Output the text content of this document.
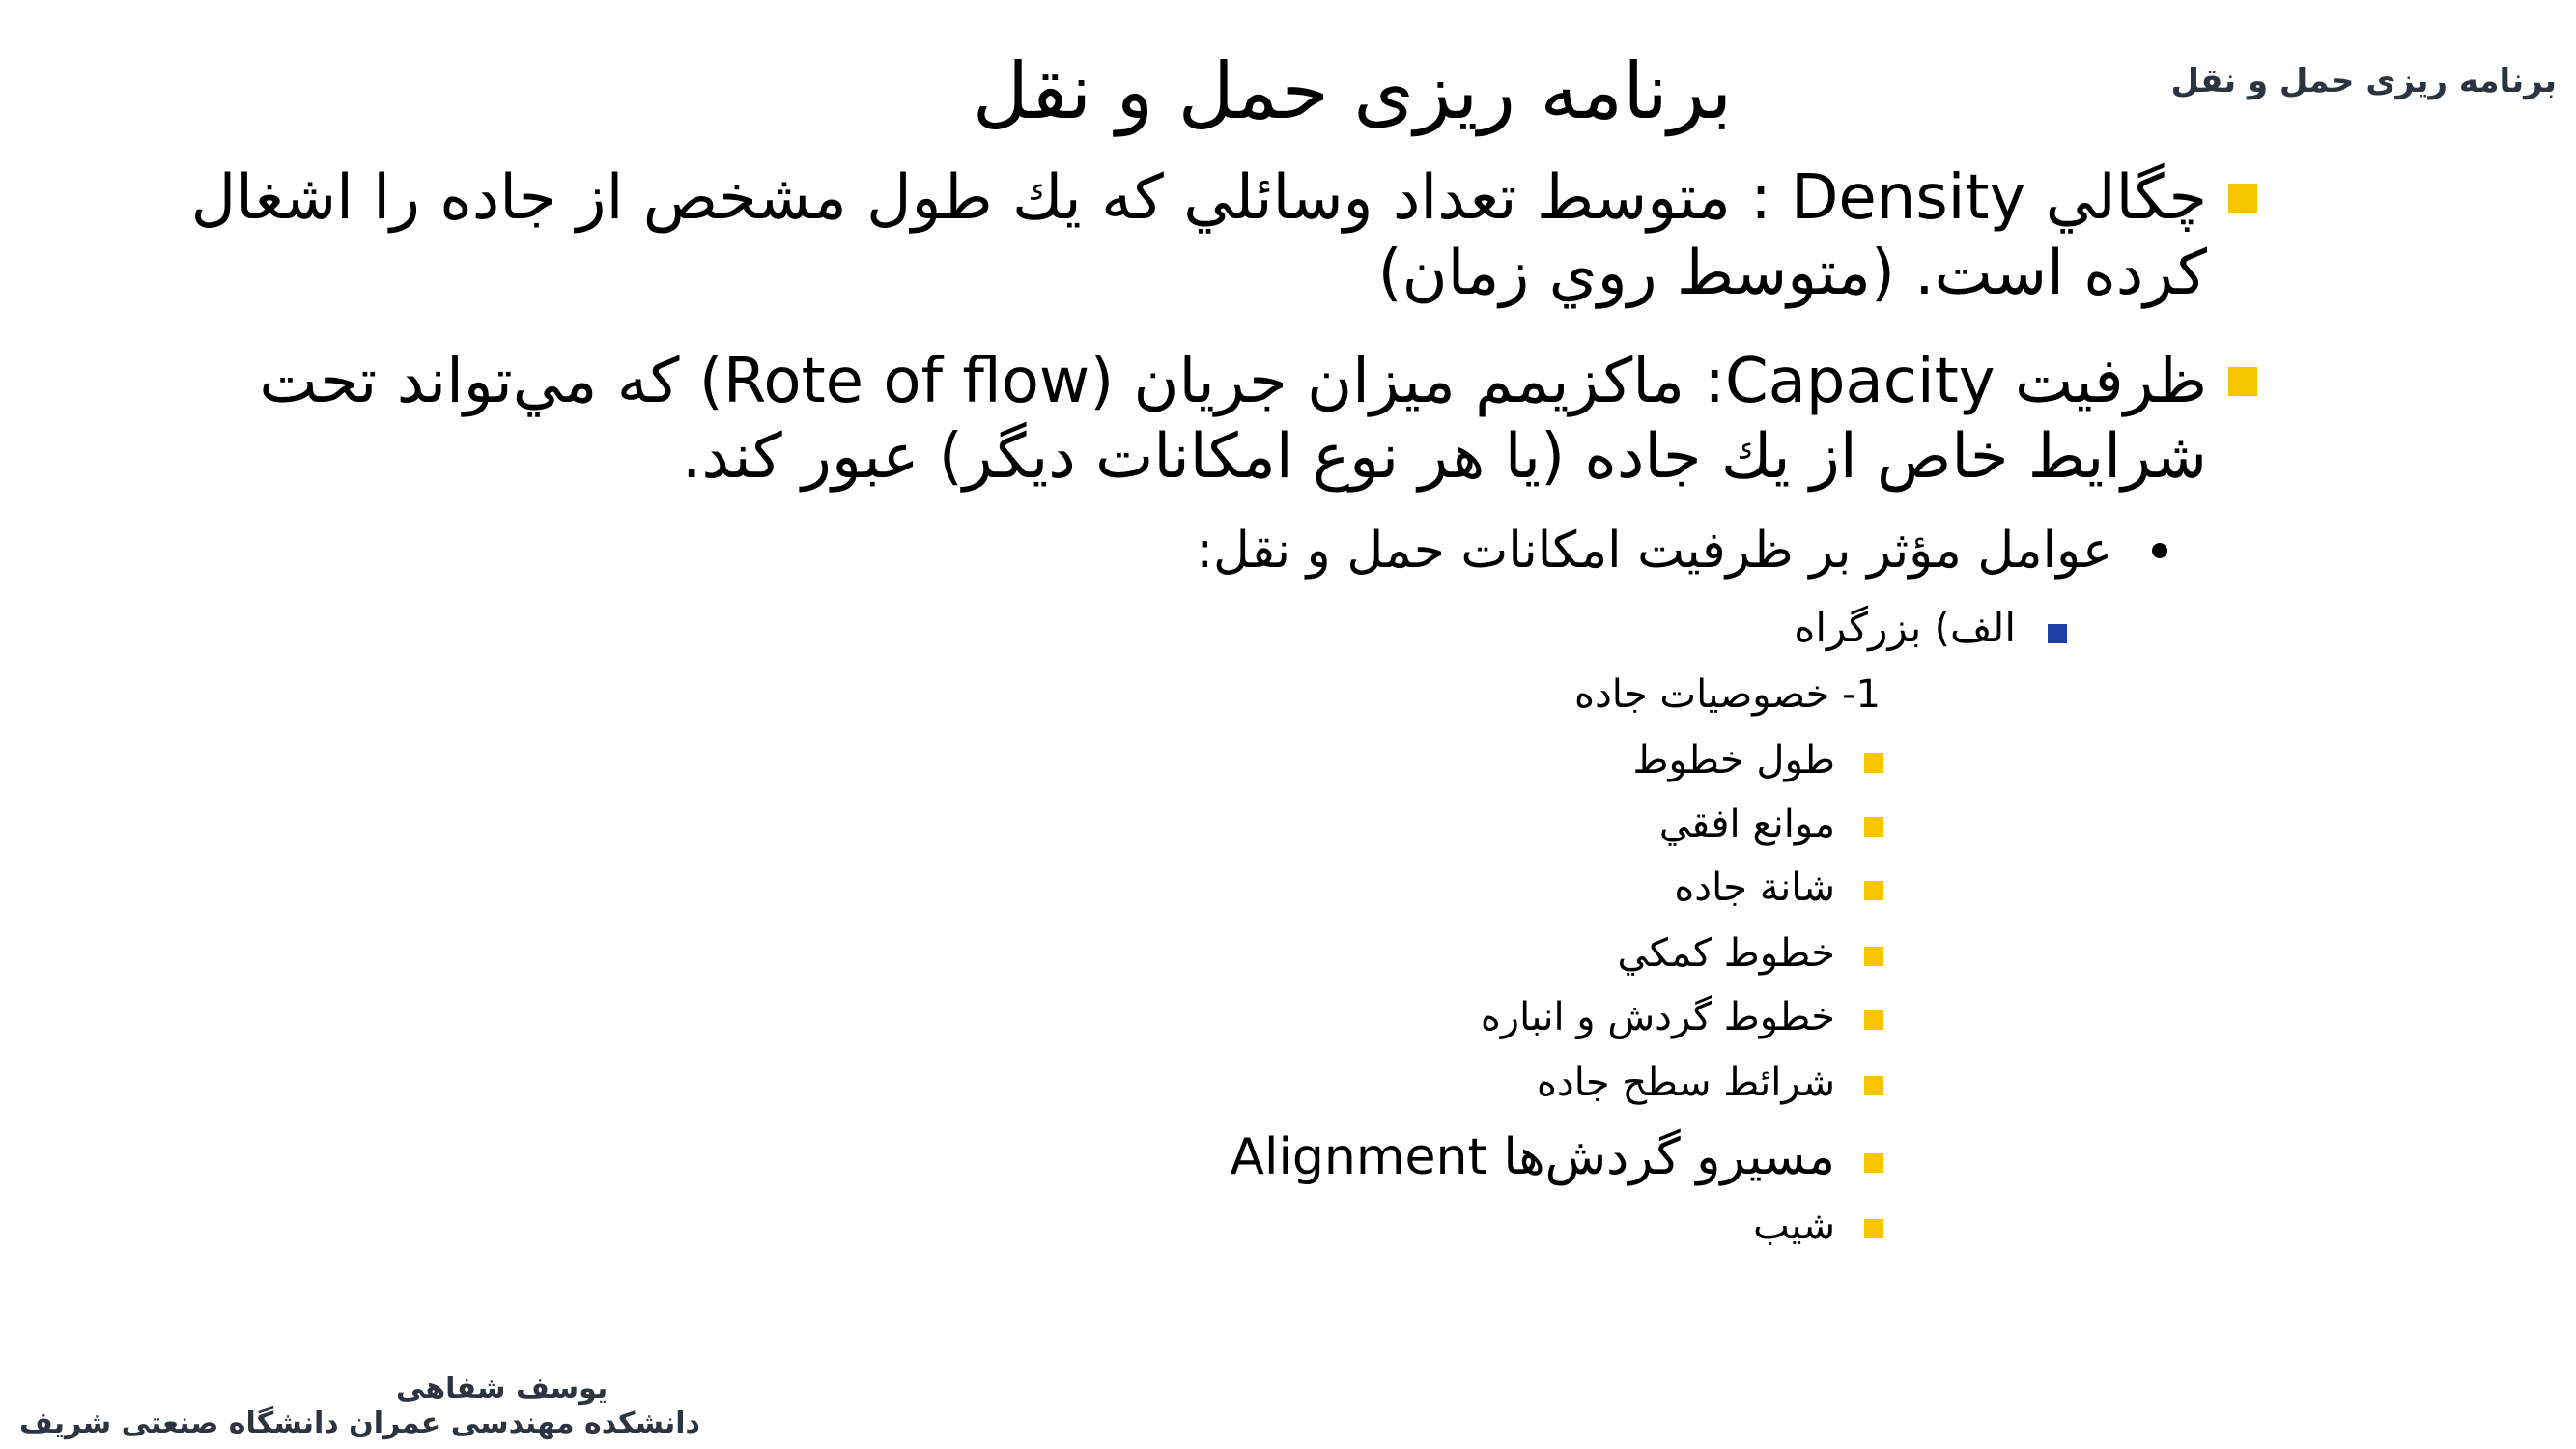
برنامه ریزی حمل و نقل
برنامه ریزی حمل و نقل
چگالي Density : متوسط تعداد وسائلي كه يك طول مشخص از جاده را اشغال
كرده است. (متوسط روي زمان)
ظرفيت Capacity: ماكزيمم ميزان جريان (Rote of flow) كه مي‌تواند تحت
شرايط خاص از يك جاده (يا هر نوع امكانات ديگر) عبور كند.
عوامل مؤثر بر ظرفيت امكانات حمل و نقل:
الف) بزرگراه
1- خصوصيات جاده
طول خطوط
موانع افقي
شانة جاده
خطوط كمكي
خطوط گردش و انباره
شرائط سطح جاده
مسيرو گردش‌ها Alignment
شيب
يوسف شفاهی
دانشكده مهندسی عمران دانشگاه صنعتی شريف
